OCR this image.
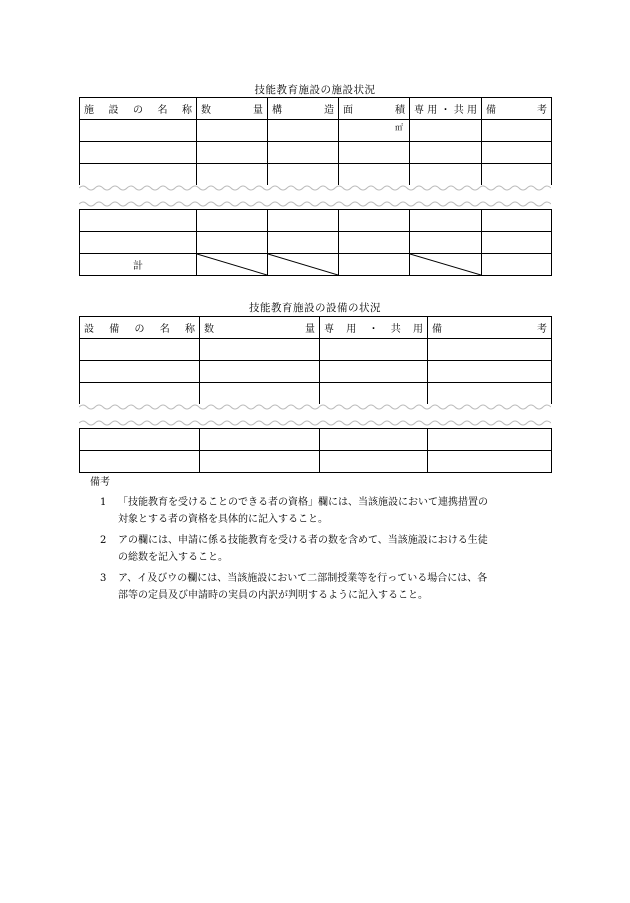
技能教育施設の施設状況
施 設 の 名 称	数 量	構 造	面 積	専 用 ・ 共 用	備 考

			㎡		

計	

技能教育施設の設備の状況
設 備 の 名 称	数 量	専 用 ・ 共 用	備 考

備考
1 「技能教育を受けることのできる者の資格」欄には、当該施設において連携措置の
対象とする者の資格を具体的に記入すること。
2 アの欄には、申請に係る技能教育を受ける者の数を含めて、当該施設における生徒
の総数を記入すること。
3 ア、イ及びウの欄には、当該施設において二部制授業等を行っている場合には、各
部等の定員及び申請時の実員の内訳が判明するように記入すること。
